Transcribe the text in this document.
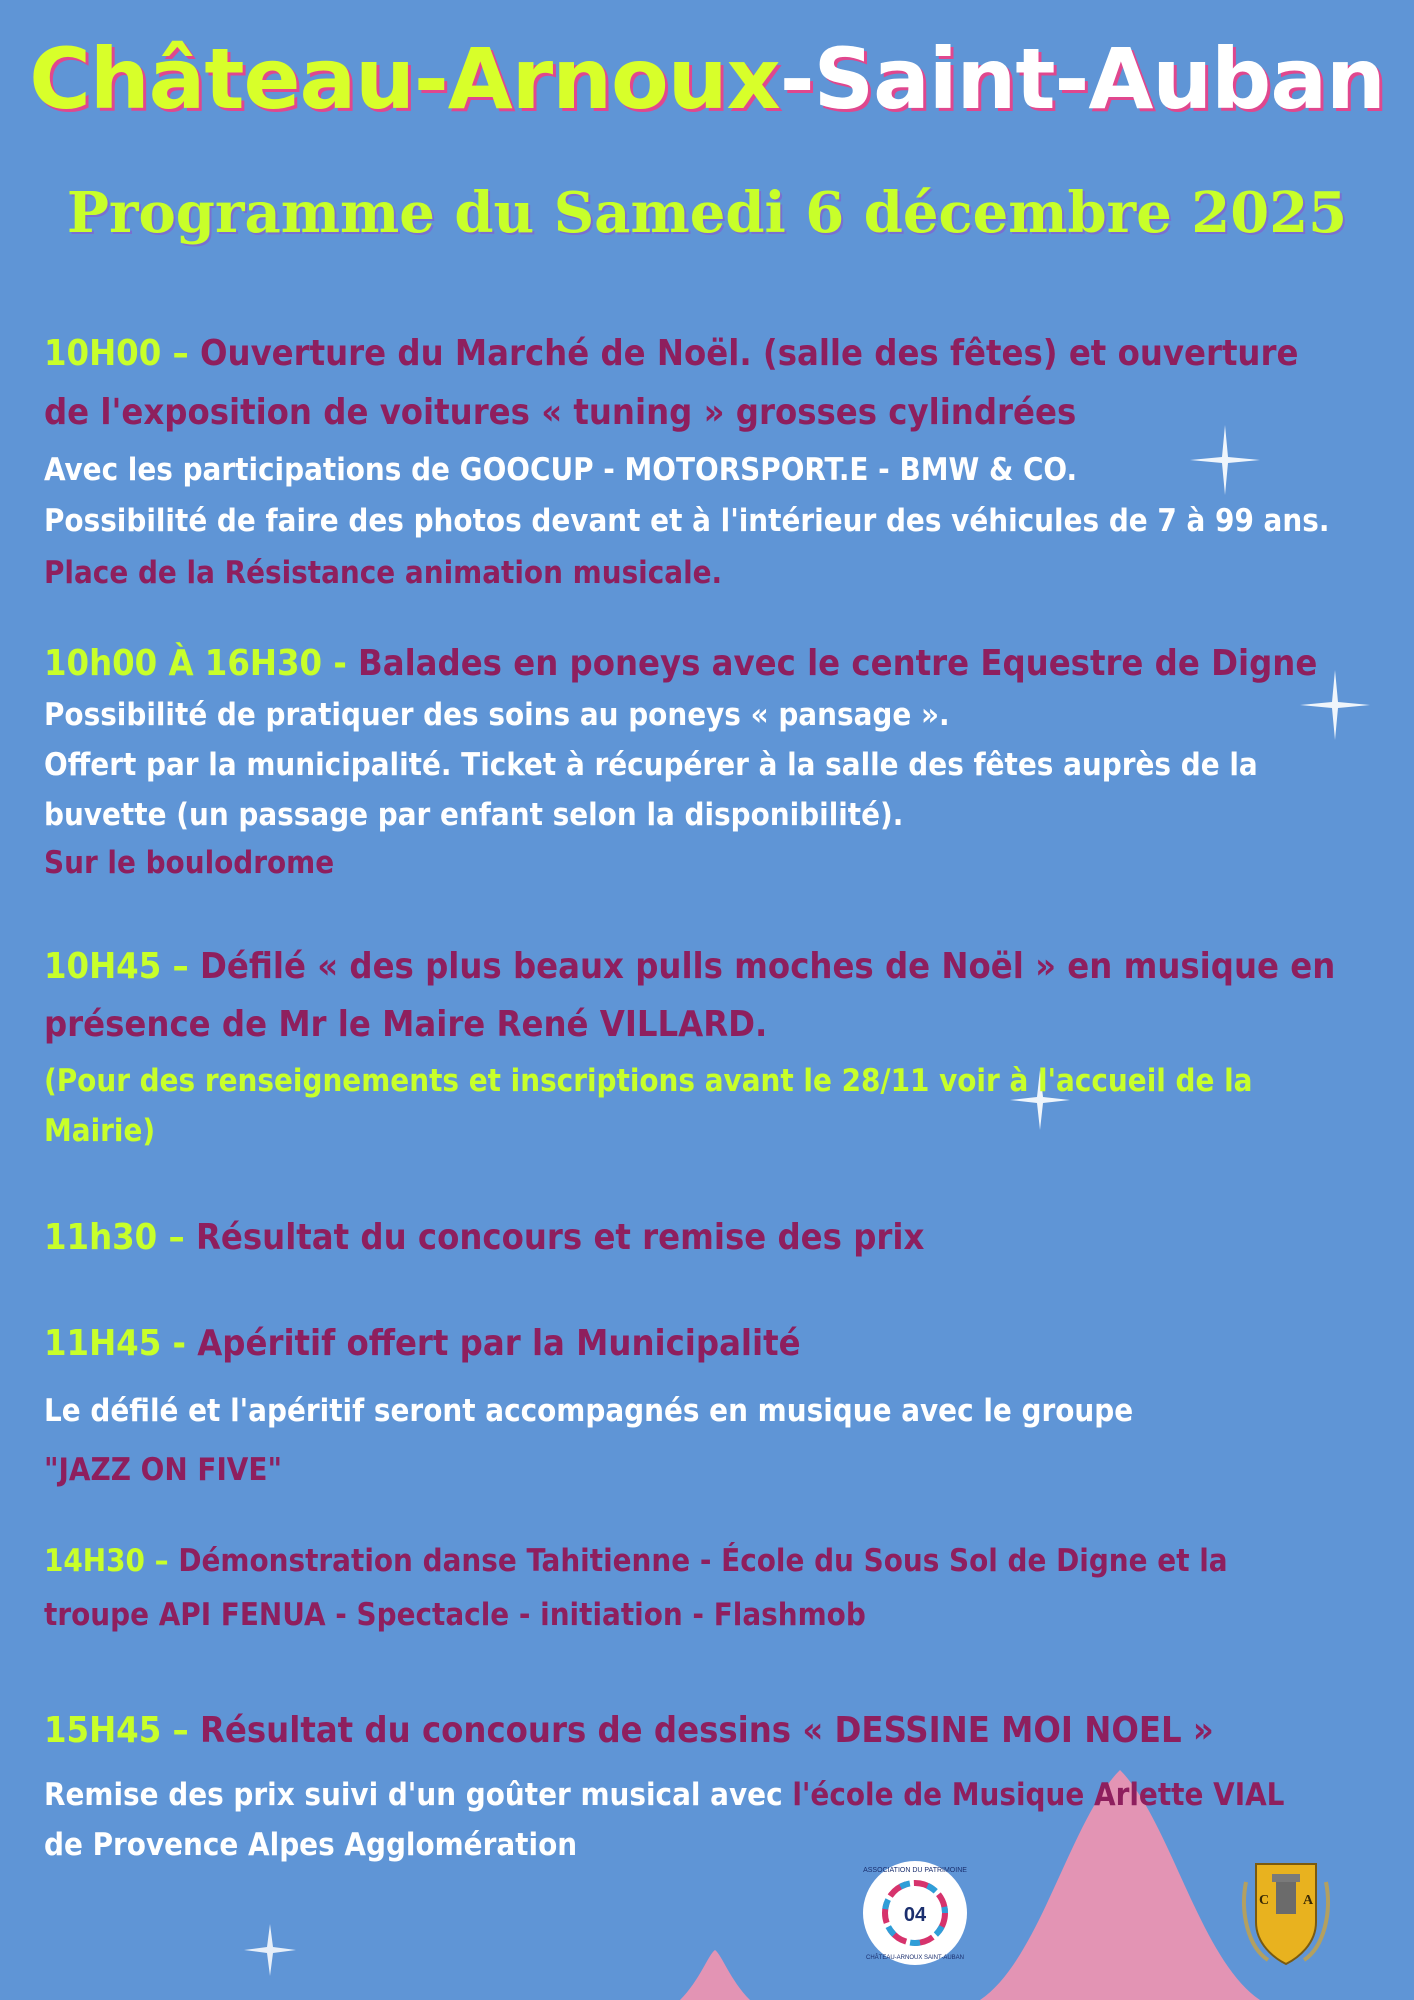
Château-Arnoux-Saint-Auban
Programme du Samedi 6 décembre 2025
10H00 – Ouverture du Marché de Noël. (salle des fêtes) et ouverture
de l'exposition de voitures « tuning » grosses cylindrées
Avec les participations de GOOCUP - MOTORSPORT.E - BMW & CO.
Possibilité de faire des photos devant et à l'intérieur des véhicules de 7 à 99 ans.
Place de la Résistance animation musicale.
10h00 À 16H30 - Balades en poneys avec le centre Equestre de Digne
Possibilité de pratiquer des soins au poneys « pansage ».
Offert par la municipalité. Ticket à récupérer à la salle des fêtes auprès de la
buvette (un passage par enfant selon la disponibilité).
Sur le boulodrome
10H45 – Défilé « des plus beaux pulls moches de Noël » en musique en
présence de Mr le Maire René VILLARD.
(Pour des renseignements et inscriptions avant le 28/11 voir à l'accueil de la
Mairie)
11h30 – Résultat du concours et remise des prix
11H45 - Apéritif offert par la Municipalité
Le défilé et l'apéritif seront accompagnés en musique avec le groupe
"JAZZ ON FIVE"
14H30 – Démonstration danse Tahitienne - École du Sous Sol de Digne et la
troupe API FENUA - Spectacle - initiation - Flashmob
15H45 – Résultat du concours de dessins « DESSINE MOI NOEL »
Remise des prix suivi d'un goûter musical avec l'école de Musique Arlette VIAL
de Provence Alpes Agglomération
04
ASSOCIATION DU PATRIMOINE
CHÂTEAU-ARNOUX SAINT-AUBAN
C A
